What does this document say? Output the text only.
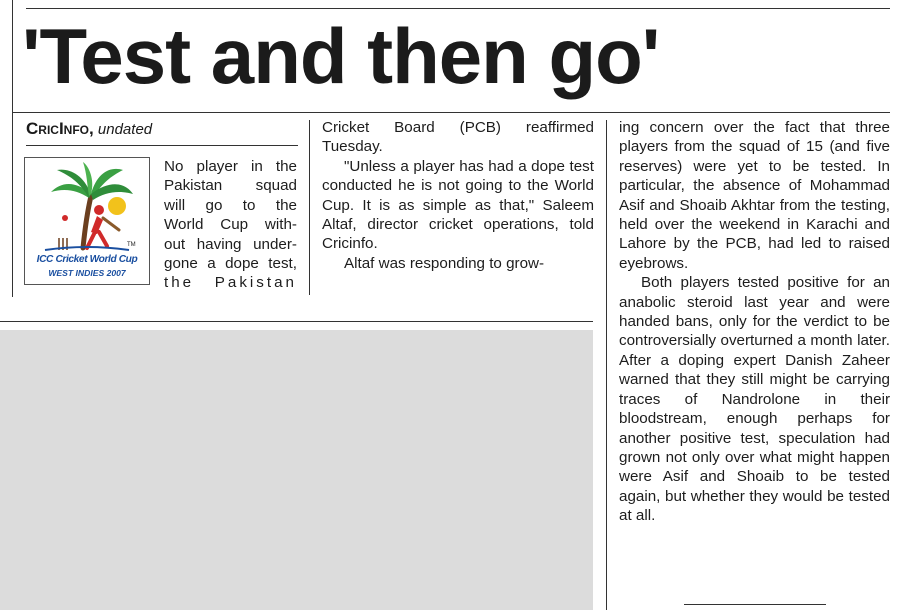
'Test and then go'
CricInfo, undated
TM
ICC Cricket World Cup
WEST INDIES 2007

No player in the

Pakistan squad

will go to the

World Cup with-

out having under-

gone a dope test,

the Pakistan

Cricket Board (PCB) reaffirmed Tuesday.

"Unless a player has had a dope test conducted he is not going to the World Cup. It is as simple as that," Saleem Altaf, director cricket operations, told Cricinfo.

Altaf was responding to grow-

ing concern over the fact that three players from the squad of 15 (and five reserves) were yet to be tested. In particular, the absence of Mohammad Asif and Shoaib Akhtar from the testing, held over the weekend in Karachi and Lahore by the PCB, had led to raised eyebrows.

Both players tested positive for an anabolic steroid last year and were handed bans, only for the verdict to be controversially overturned a month later. After a doping expert Danish Zaheer warned that they still might be carrying traces of Nandrolone in their bloodstream, enough perhaps for another positive test, speculation had grown not only over what might happen were Asif and Shoaib to be tested again, but whether they would be tested at all.
